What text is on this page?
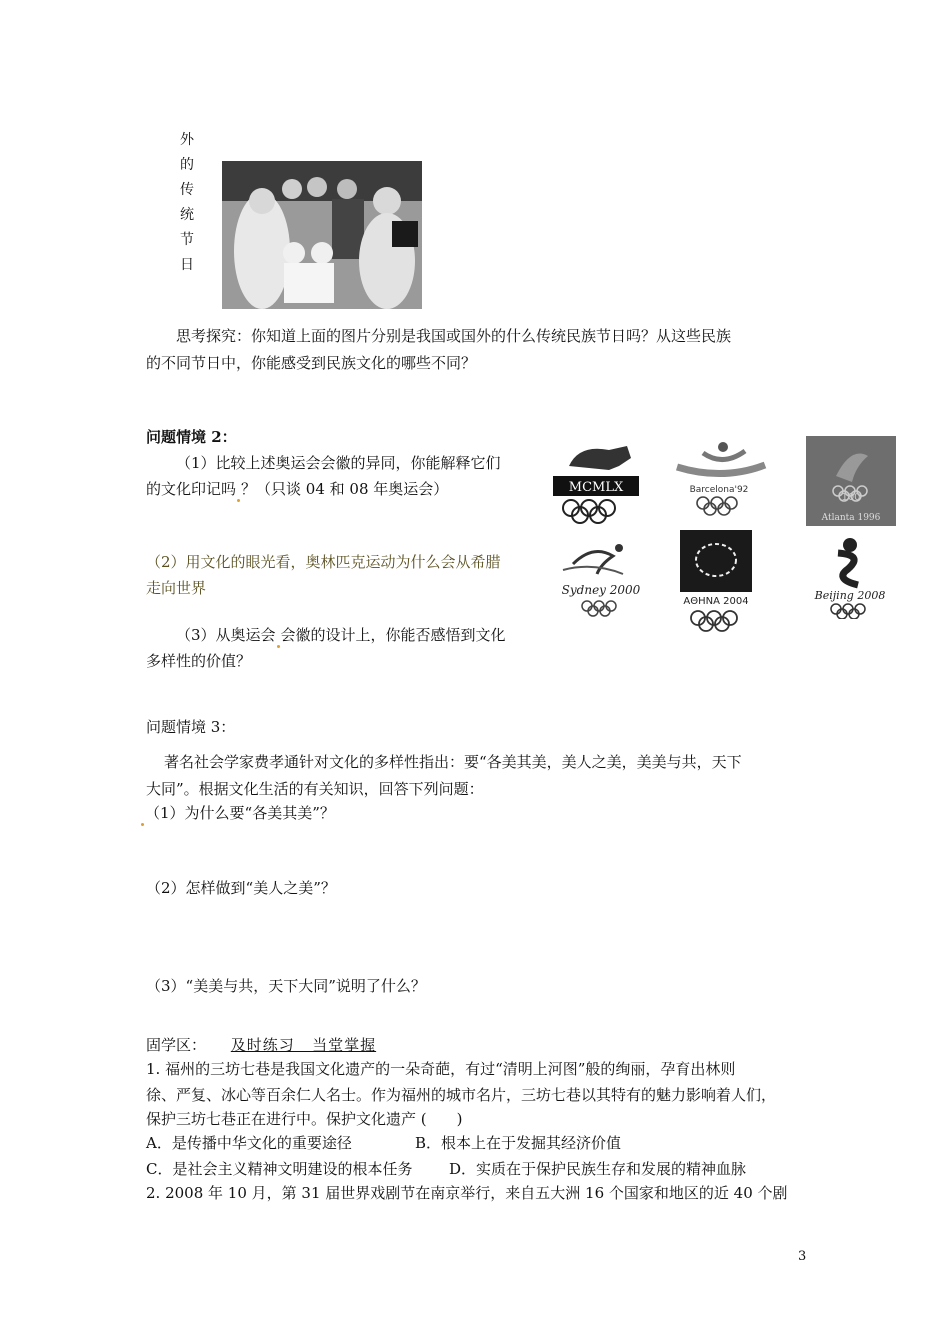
外
的
传
统
节
日
思考探究：你知道上面的图片分别是我国或国外的什么传统民族节日吗？从这些民族
的不同节日中，你能感受到民族文化的哪些不同？
问题情境 2：
（1）比较上述奥运会会徽的异同，你能解释它们
的文化印记吗 ？（只谈 04 和 08 年奥运会）
（2）用文化的眼光看，奥林匹克运动为什么会从希腊
走向世界
（3）从奥运会 会徽的设计上，你能否感悟到文化
多样性的价值？
MCMLX	Barcelona'92
100
Atlanta 1996
Sydney 2000
ΑΘΗΝΑ 2004	Beijing 2008
问题情境 3：
著名社会学家费孝通针对文化的多样性指出：要“各美其美，美人之美，美美与共，天下
大同”。根据文化生活的有关知识，回答下列问题：
（1）为什么要“各美其美”？
（2）怎样做到“美人之美”？
（3）“美美与共，天下大同”说明了什么？
固学区： 及时练习   当堂掌握
1. 福州的三坊七巷是我国文化遗产的一朵奇葩，有过“清明上河图”般的绚丽，孕育出林则
徐、严复、冰心等百余仁人名士。作为福州的城市名片，三坊七巷以其特有的魅力影响着人们，
保护三坊七巷正在进行中。保护文化遗产 (　　)
A．是传播中华文化的重要途径	B．根本上在于发掘其经济价值
C．是社会主义精神文明建设的根本任务 D．实质在于保护民族生存和发展的精神血脉
2. 2008 年 10 月，第 31 届世界戏剧节在南京举行，来自五大洲 16 个国家和地区的近 40 个剧
3
